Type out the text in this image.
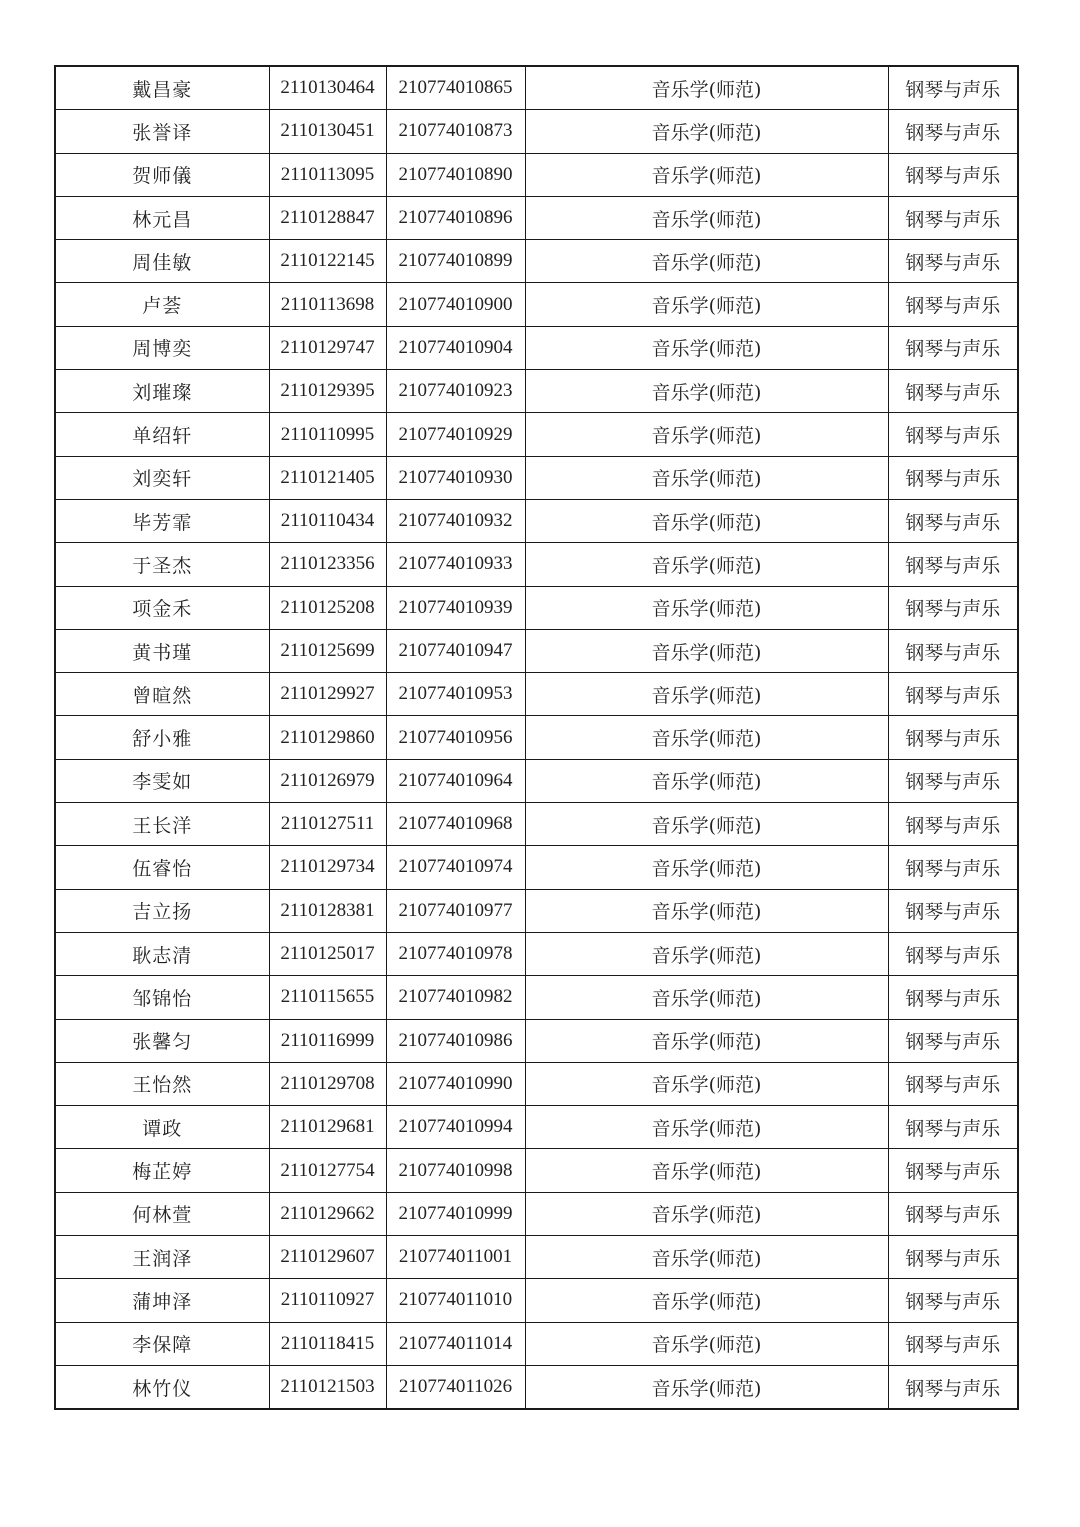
戴昌豪	2110130464	210774010865	音乐学(师范)	钢琴与声乐
张誉译	2110130451	210774010873	音乐学(师范)	钢琴与声乐
贺师儀	2110113095	210774010890	音乐学(师范)	钢琴与声乐
林元昌	2110128847	210774010896	音乐学(师范)	钢琴与声乐
周佳敏	2110122145	210774010899	音乐学(师范)	钢琴与声乐
卢荟	2110113698	210774010900	音乐学(师范)	钢琴与声乐
周博奕	2110129747	210774010904	音乐学(师范)	钢琴与声乐
刘璀璨	2110129395	210774010923	音乐学(师范)	钢琴与声乐
单绍轩	2110110995	210774010929	音乐学(师范)	钢琴与声乐
刘奕轩	2110121405	210774010930	音乐学(师范)	钢琴与声乐
毕芳霏	2110110434	210774010932	音乐学(师范)	钢琴与声乐
于圣杰	2110123356	210774010933	音乐学(师范)	钢琴与声乐
项金禾	2110125208	210774010939	音乐学(师范)	钢琴与声乐
黄书瑾	2110125699	210774010947	音乐学(师范)	钢琴与声乐
曾暄然	2110129927	210774010953	音乐学(师范)	钢琴与声乐
舒小雅	2110129860	210774010956	音乐学(师范)	钢琴与声乐
李雯如	2110126979	210774010964	音乐学(师范)	钢琴与声乐
王长洋	2110127511	210774010968	音乐学(师范)	钢琴与声乐
伍睿怡	2110129734	210774010974	音乐学(师范)	钢琴与声乐
吉立扬	2110128381	210774010977	音乐学(师范)	钢琴与声乐
耿志清	2110125017	210774010978	音乐学(师范)	钢琴与声乐
邹锦怡	2110115655	210774010982	音乐学(师范)	钢琴与声乐
张馨匀	2110116999	210774010986	音乐学(师范)	钢琴与声乐
王怡然	2110129708	210774010990	音乐学(师范)	钢琴与声乐
谭政	2110129681	210774010994	音乐学(师范)	钢琴与声乐
梅芷婷	2110127754	210774010998	音乐学(师范)	钢琴与声乐
何林萱	2110129662	210774010999	音乐学(师范)	钢琴与声乐
王润泽	2110129607	210774011001	音乐学(师范)	钢琴与声乐
蒲坤泽	2110110927	210774011010	音乐学(师范)	钢琴与声乐
李保障	2110118415	210774011014	音乐学(师范)	钢琴与声乐
林竹仪	2110121503	210774011026	音乐学(师范)	钢琴与声乐
